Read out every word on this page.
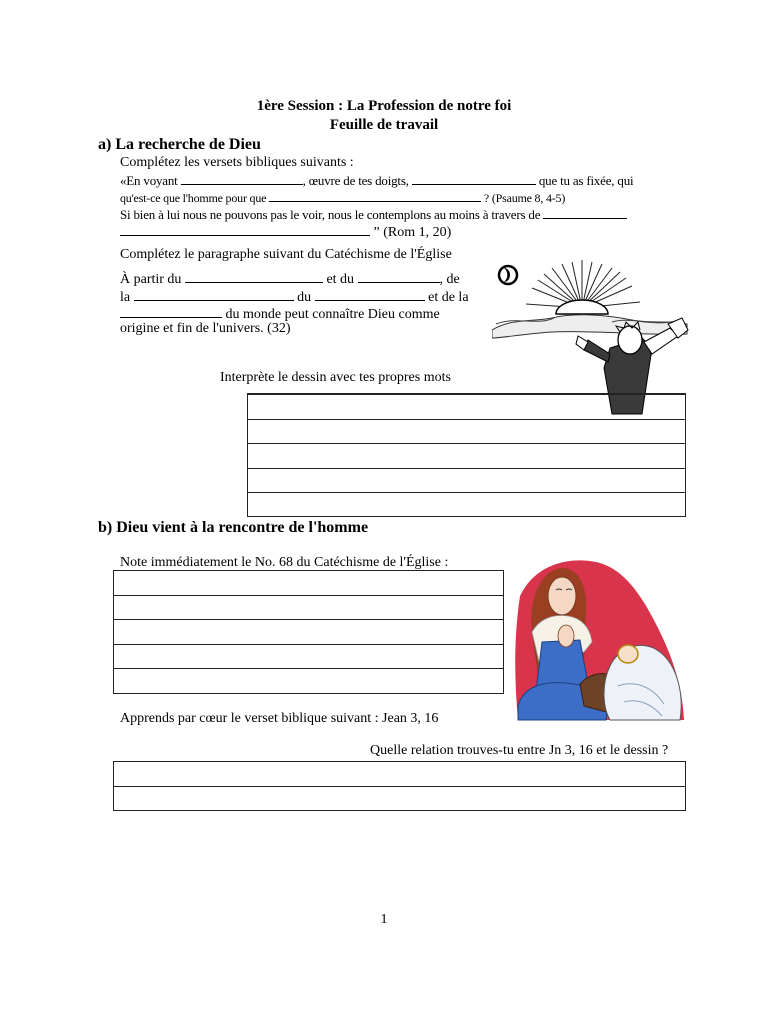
1ère Session : La Profession de notre foi
Feuille de travail
a) La recherche de Dieu
Complétez les versets bibliques suivants :
«En voyant	, œuvre de tes doigts,	que tu as fixée, qui
qu'est-ce que l'homme pour que	? (Psaume 8, 4-5)
Si bien à lui nous ne pouvons pas le voir, nous le contemplons au moins à travers de
” (Rom 1, 20)
Complétez le paragraphe suivant du Catéchisme de l'Église
À partir du	et du	, de
la	du	et de la
du monde peut connaître Dieu comme
origine et fin de l'univers. (32)
Interprète le dessin avec tes propres mots
b) Dieu vient à la rencontre de l'homme
Note immédiatement le No. 68 du Catéchisme de l'Église :
Apprends par cœur le verset biblique suivant : Jean 3, 16
Quelle relation trouves-tu entre Jn 3, 16 et le dessin ?
1
